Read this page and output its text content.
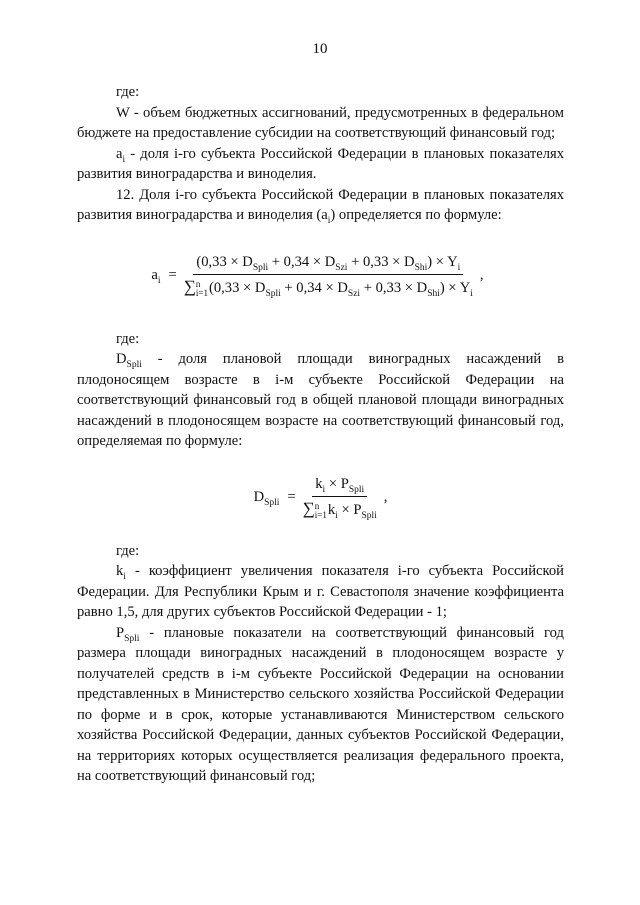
10

где:

W - объем бюджетных ассигнований, предусмотренных в федеральном бюджете на предоставление субсидии на соответствующий финансовый год;

$а_i$ - доля i-го субъекта Российской Федерации в плановых показателях развития виноградарства и виноделия.

12. Доля i-го субъекта Российской Федерации в плановых показателях развития виноградарства и виноделия $(а_i)$ определяется по формуле:

$a_i = (0,33 \times D_{Spli} + 0,34 \times D_{Szi} + 0,33 \times D_{Shi}) \times Y_i$
∑ n
i=1 $(0,33 \times D_{Spli} + 0,34 \times D_{Szi} + 0,33 \times D_{Shi}) \times Y_i$ ,

где:

$D_{Spli}$ - доля плановой площади виноградных насаждений в плодоносящем возрасте в i-м субъекте Российской Федерации на соответствующий финансовый год в общей плановой площади виноградных насаждений в плодоносящем возрасте на соответствующий финансовый год, определяемая по формуле:

$D_{Spli} = k_i \times P_{Spli}$
∑ n
i=1 $k_i \times P_{Spli}$ ,

где:

$k_i$ - коэффициент увеличения показателя i-го субъекта Российской Федерации. Для Республики Крым и г. Севастополя значение коэффициента равно 1,5, для других субъектов Российской Федерации - 1;

$P_{Spli}$ - плановые показатели на соответствующий финансовый год размера площади виноградных насаждений в плодоносящем возрасте у получателей средств в i-м субъекте Российской Федерации на основании представленных в Министерство сельского хозяйства Российской Федерации по форме и в срок, которые устанавливаются Министерством сельского хозяйства Российской Федерации, данных субъектов Российской Федерации, на территориях которых осуществляется реализация федерального проекта, на соответствующий финансовый год;
